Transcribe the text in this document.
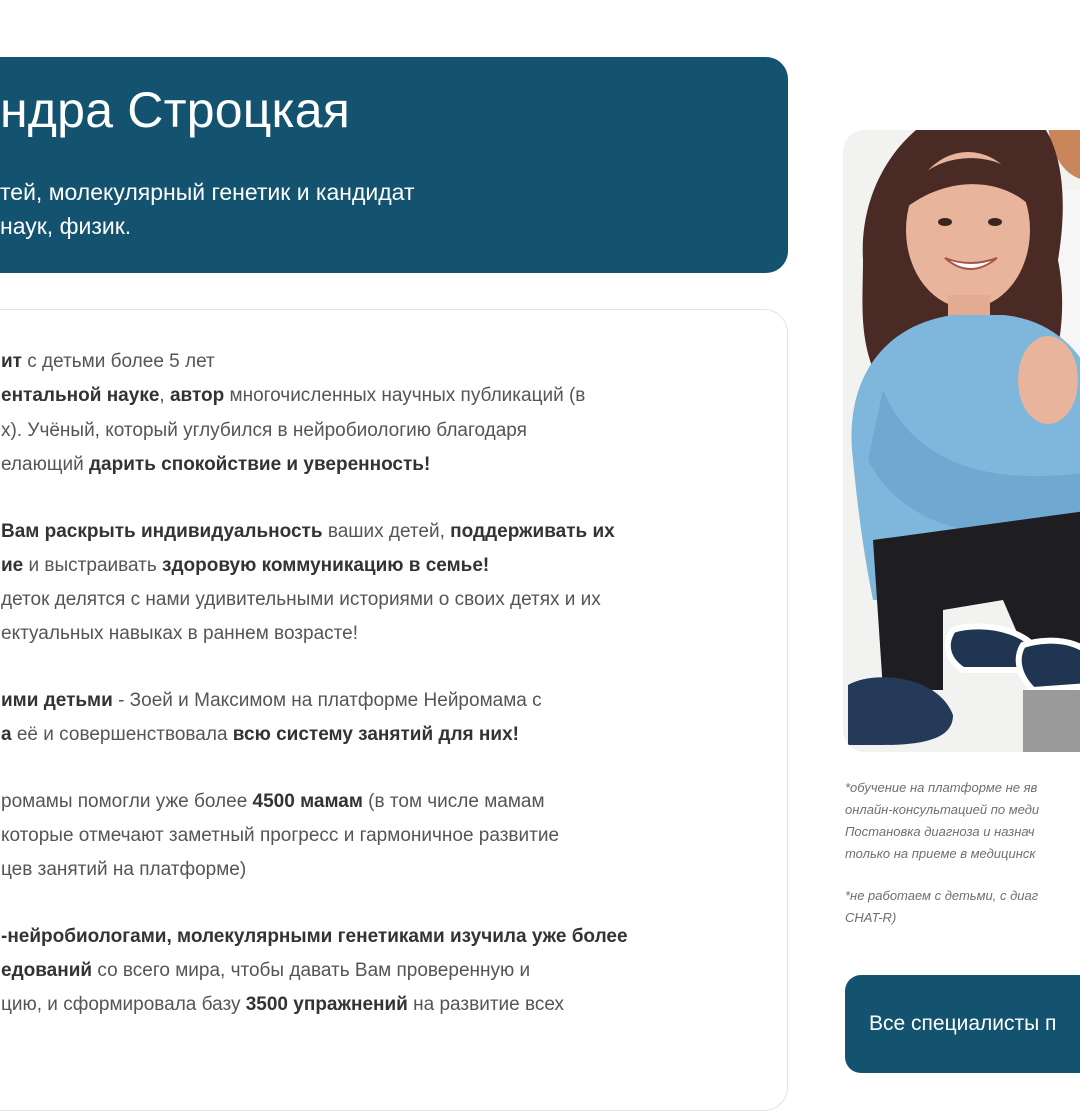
ндра Строцкая

тей, молекулярный генетик и кандидат

наук, физик.

ит с детьми более 5 лет

ентальной науке, автор многочисленных научных публикаций (в

х). Учёный, который углубился в нейробиологию благодаря

елающий дарить спокойствие и уверенность!

Вам раскрыть индивидуальность ваших детей, поддерживать их

ие и выстраивать здоровую коммуникацию в семье!

деток делятся с нами удивительными историями о своих детях и их

ектуальных навыках в раннем возрасте!

ими детьми - Зоей и Максимом на платформе Нейромама с

а её и совершенствовала всю систему занятий для них!

ромамы помогли уже более 4500 мамам (в том числе мамам

которые отмечают заметный прогресс и гармоничное развитие

цев занятий на платформе)

-нейробиологами, молекулярными генетиками изучила уже более

едований со всего мира, чтобы давать Вам проверенную и

цию, и сформировала базу 3500 упражнений на развитие всех

*обучение на платформе не яв

онлайн-консультацией по меди

Постановка диагноза и назнач

только на приеме в медицинск

*не работаем с детьми, с диаг

CHAT-R)

Все специалисты п
